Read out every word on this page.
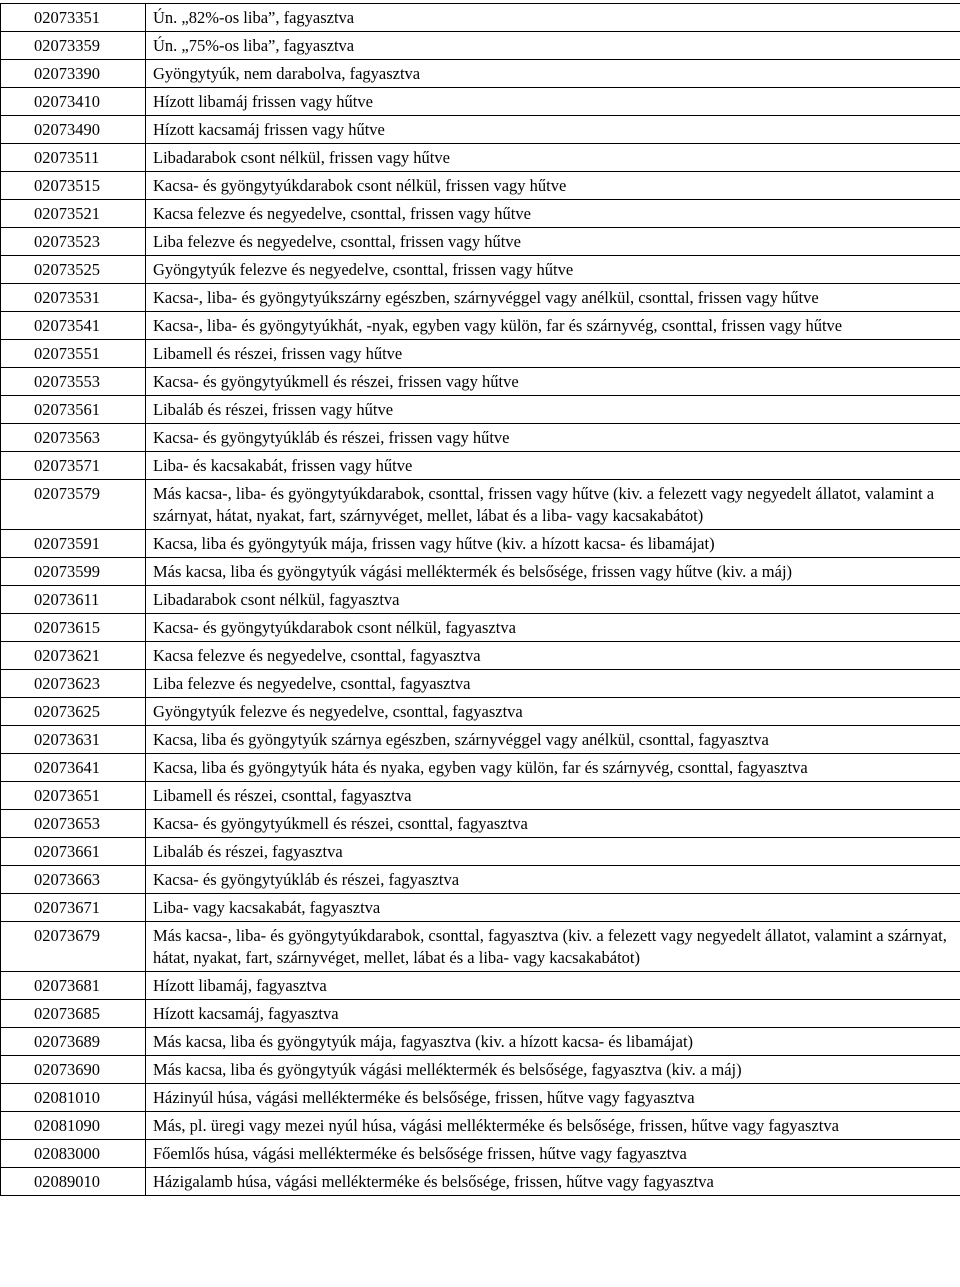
02073351	Ún. „82%-os liba”, fagyasztva
02073359	Ún. „75%-os liba”, fagyasztva
02073390	Gyöngytyúk, nem darabolva, fagyasztva
02073410	Hízott libamáj frissen vagy hűtve
02073490	Hízott kacsamáj frissen vagy hűtve
02073511	Libadarabok csont nélkül, frissen vagy hűtve
02073515	Kacsa- és gyöngytyúkdarabok csont nélkül, frissen vagy hűtve
02073521	Kacsa felezve és negyedelve, csonttal, frissen vagy hűtve
02073523	Liba felezve és negyedelve, csonttal, frissen vagy hűtve
02073525	Gyöngytyúk felezve és negyedelve, csonttal, frissen vagy hűtve
02073531	Kacsa-, liba- és gyöngytyúkszárny egészben, szárnyvéggel vagy anélkül, csonttal, frissen vagy hűtve
02073541	Kacsa-, liba- és gyöngytyúkhát, -nyak, egyben vagy külön, far és szárnyvég, csonttal, frissen vagy hűtve
02073551	Libamell és részei, frissen vagy hűtve
02073553	Kacsa- és gyöngytyúkmell és részei, frissen vagy hűtve
02073561	Libaláb és részei, frissen vagy hűtve
02073563	Kacsa- és gyöngytyúkláb és részei, frissen vagy hűtve
02073571	Liba- és kacsakabát, frissen vagy hűtve
02073579	Más kacsa-, liba- és gyöngytyúkdarabok, csonttal, frissen vagy hűtve (kiv. a felezett vagy negyedelt állatot, valamint a szárnyat, hátat, nyakat, fart, szárnyvéget, mellet, lábat és a liba- vagy kacsakabátot)
02073591	Kacsa, liba és gyöngytyúk mája, frissen vagy hűtve (kiv. a hízott kacsa- és libamájat)
02073599	Más kacsa, liba és gyöngytyúk vágási melléktermék és belsősége, frissen vagy hűtve (kiv. a máj)
02073611	Libadarabok csont nélkül, fagyasztva
02073615	Kacsa- és gyöngytyúkdarabok csont nélkül, fagyasztva
02073621	Kacsa felezve és negyedelve, csonttal, fagyasztva
02073623	Liba felezve és negyedelve, csonttal, fagyasztva
02073625	Gyöngytyúk felezve és negyedelve, csonttal, fagyasztva
02073631	Kacsa, liba és gyöngytyúk szárnya egészben, szárnyvéggel vagy anélkül, csonttal, fagyasztva
02073641	Kacsa, liba és gyöngytyúk háta és nyaka, egyben vagy külön, far és szárnyvég, csonttal, fagyasztva
02073651	Libamell és részei, csonttal, fagyasztva
02073653	Kacsa- és gyöngytyúkmell és részei, csonttal, fagyasztva
02073661	Libaláb és részei, fagyasztva
02073663	Kacsa- és gyöngytyúkláb és részei, fagyasztva
02073671	Liba- vagy kacsakabát, fagyasztva
02073679	Más kacsa-, liba- és gyöngytyúkdarabok, csonttal, fagyasztva (kiv. a felezett vagy negyedelt állatot, valamint a szárnyat, hátat, nyakat, fart, szárnyvéget, mellet, lábat és a liba- vagy kacsakabátot)
02073681	Hízott libamáj, fagyasztva
02073685	Hízott kacsamáj, fagyasztva
02073689	Más kacsa, liba és gyöngytyúk mája, fagyasztva (kiv. a hízott kacsa- és libamájat)
02073690	Más kacsa, liba és gyöngytyúk vágási melléktermék és belsősége, fagyasztva (kiv. a máj)
02081010	Házinyúl húsa, vágási mellékterméke és belsősége, frissen, hűtve vagy fagyasztva
02081090	Más, pl. üregi vagy mezei nyúl húsa, vágási mellékterméke és belsősége, frissen, hűtve vagy fagyasztva
02083000	Főemlős húsa, vágási mellékterméke és belsősége frissen, hűtve vagy fagyasztva
02089010	Házigalamb húsa, vágási mellékterméke és belsősége, frissen, hűtve vagy fagyasztva
